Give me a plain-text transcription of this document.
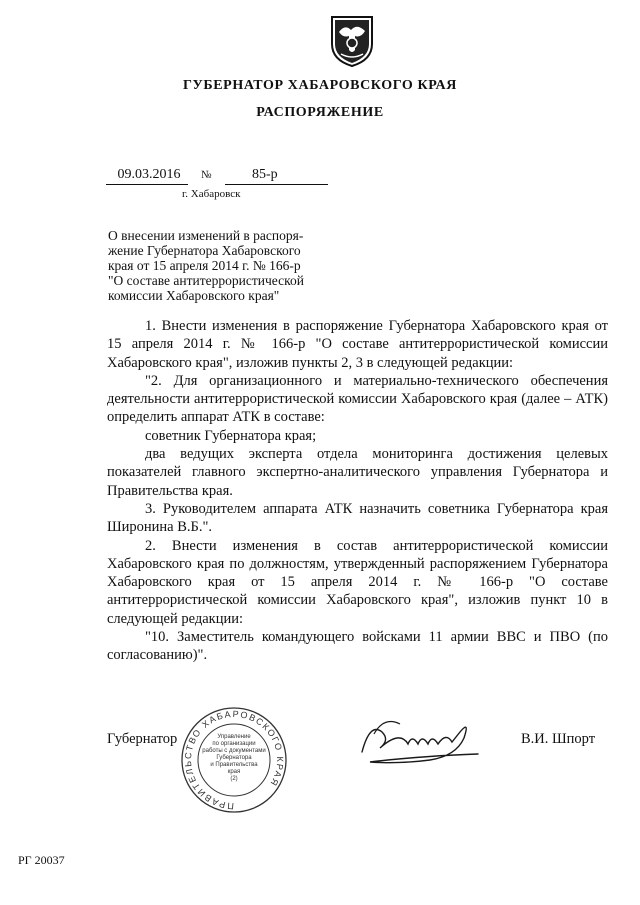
ГУБЕРНАТОР ХАБАРОВСКОГО КРАЯ
РАСПОРЯЖЕНИЕ
09.03.2016	№	85-р
г. Хабаровск
О внесении изменений в распоря-
жение Губернатора Хабаровского
края от 15 апреля 2014 г. № 166-р
"О составе антитеррористической
комиссии Хабаровского края"

1. Внести изменения в распоряжение Губернатора Хабаровского края от 15 апреля 2014 г. № 166-р "О составе антитеррористической комиссии Хабаровского края", изложив пункты 2, 3 в следующей редакции:

"2. Для организационного и материально-технического обеспечения деятельности антитеррористической комиссии Хабаровского края (далее – АТК) определить аппарат АТК в составе:

советник Губернатора края;

два ведущих эксперта отдела мониторинга достижения целевых показателей главного экспертно-аналитического управления Губернатора и Правительства края.

3. Руководителем аппарата АТК назначить советника Губернатора края Широнина В.Б.".

2. Внести изменения в состав антитеррористической комиссии Хабаровского края по должностям, утвержденный распоряжением Губернатора Хабаровского края от 15 апреля 2014 г. № 166-р "О составе антитеррористической комиссии Хабаровского края", изложив пункт 10 в следующей редакции:

"10. Заместитель командующего войсками 11 армии ВВС и ПВО (по согласованию)".

ПРАВИТЕЛЬСТВО ХАБАРОВСКОГО КРАЯ
Управление
по организации
работы с документами
Губернатора
и Правительства
края
(2)
Губернатор	В.И. Шпорт
РГ 20037
